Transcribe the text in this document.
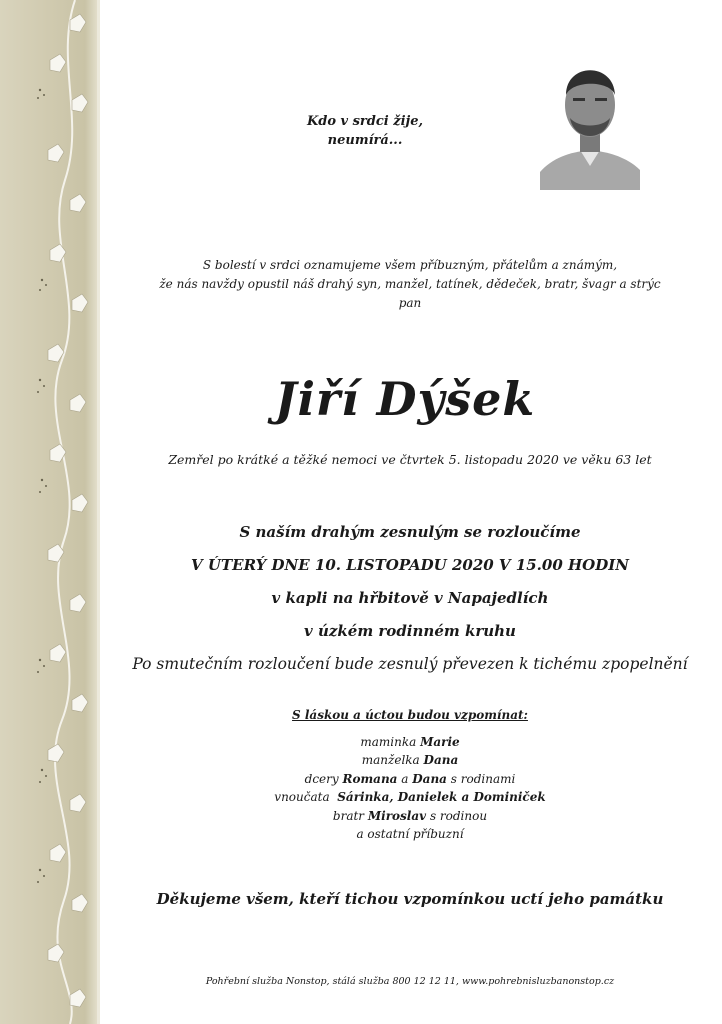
Kdo v srdci žije,
neumírá...
S bolestí v srdci oznamujeme všem příbuzným, přátelům a známým,
že nás navždy opustil náš drahý syn, manžel, tatínek, dědeček, bratr, švagr a strýc
pan
Jiří Dýšek
Zemřel po krátké a těžké nemoci ve čtvrtek 5. listopadu 2020 ve věku 63 let
S naším drahým zesnulým se rozloučíme
V ÚTERÝ DNE 10. LISTOPADU 2020 V 15.00 HODIN
v kapli na hřbitově v Napajedlích
v úzkém rodinném kruhu
Po smutečním rozloučení bude zesnulý převezen k tichému zpopelnění
S láskou a úctou budou vzpomínat:
maminka Marie
manželka Dana
dcery Romana a Dana s rodinami
vnoučata Sárinka, Danielek a Dominiček
bratr Miroslav s rodinou
a ostatní příbuzní
Děkujeme všem, kteří tichou vzpomínkou uctí jeho památku
Pohřební služba Nonstop, stálá služba 800 12 12 11, www.pohrebnisluzbanonstop.cz
